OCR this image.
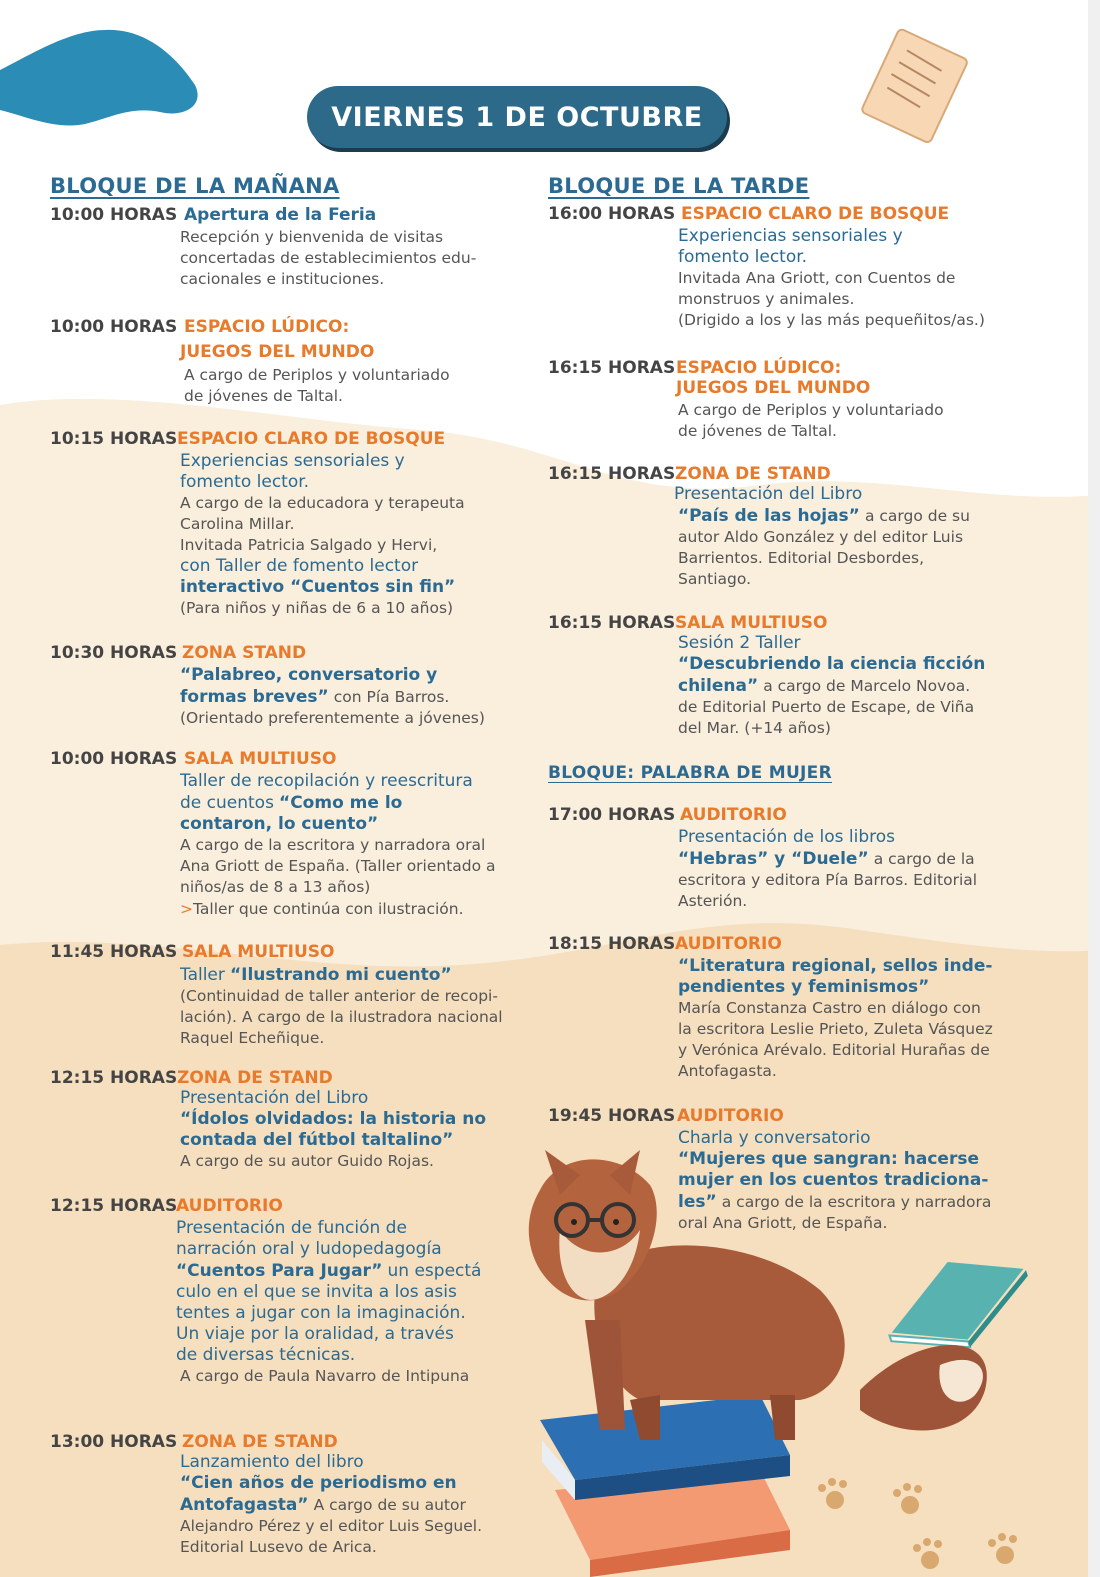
VIERNES 1 DE OCTUBRE
BLOQUE DE LA MAÑANA
10:00 HORAS Apertura de la Feria
Recepción y bienvenida de visitas
concertadas de establecimientos edu-
cacionales e instituciones.
10:00 HORAS ESPACIO LÚDICO:
JUEGOS DEL MUNDO
A cargo de Periplos y voluntariado
de jóvenes de Taltal.
10:15 HORAS ESPACIO CLARO DE BOSQUE
Experiencias sensoriales y
fomento lector.
A cargo de la educadora y terapeuta
Carolina Millar.
Invitada Patricia Salgado y Hervi,
con Taller de fomento lector
interactivo “Cuentos sin fin”
(Para niños y niñas de 6 a 10 años)
10:30 HORAS ZONA STAND
“Palabreo, conversatorio y
formas breves” con Pía Barros.
(Orientado preferentemente a jóvenes)
10:00 HORAS SALA MULTIUSO
Taller de recopilación y reescritura
de cuentos “Como me lo
contaron, lo cuento”
A cargo de la escritora y narradora oral
Ana Griott de España. (Taller orientado a
niños/as de 8 a 13 años)
>Taller que continúa con ilustración.
11:45 HORAS SALA MULTIUSO
Taller “Ilustrando mi cuento”
(Continuidad de taller anterior de recopi-
lación). A cargo de la ilustradora nacional
Raquel Echeñique.
12:15 HORAS ZONA DE STAND
Presentación del Libro
“Ídolos olvidados: la historia no
contada del fútbol taltalino”
A cargo de su autor Guido Rojas.
12:15 HORAS
AUDITORIO
Presentación de función de
narración oral y ludopedagogía
“Cuentos Para Jugar” un espectá
culo en el que se invita a los asis
tentes a jugar con la imaginación.
Un viaje por la oralidad, a través
de diversas técnicas.
A cargo de Paula Navarro de Intipuna
13:00 HORAS ZONA DE STAND
Lanzamiento del libro
“Cien años de periodismo en
Antofagasta” A cargo de su autor
Alejandro Pérez y el editor Luis Seguel.
Editorial Lusevo de Arica.
BLOQUE DE LA TARDE
16:00 HORAS ESPACIO CLARO DE BOSQUE
Experiencias sensoriales y
fomento lector.
Invitada Ana Griott, con Cuentos de
monstruos y animales.
(Drigido a los y las más pequeñitos/as.)
16:15 HORAS ESPACIO LÚDICO:
JUEGOS DEL MUNDO
A cargo de Periplos y voluntariado
de jóvenes de Taltal.
16:15 HORAS ZONA DE STAND
Presentación del Libro
“País de las hojas” a cargo de su
autor Aldo González y del editor Luis
Barrientos. Editorial Desbordes,
Santiago.
16:15 HORAS SALA MULTIUSO
Sesión 2 Taller
“Descubriendo la ciencia ficción
chilena” a cargo de Marcelo Novoa.
de Editorial Puerto de Escape, de Viña
del Mar. (+14 años)
BLOQUE: PALABRA DE MUJER
17:00 HORAS AUDITORIO
Presentación de los libros
“Hebras” y “Duele” a cargo de la
escritora y editora Pía Barros. Editorial
Asterión.
18:15 HORAS AUDITORIO
“Literatura regional, sellos inde-
pendientes y feminismos”
María Constanza Castro en diálogo con
la escritora Leslie Prieto, Zuleta Vásquez
y Verónica Arévalo. Editorial Hurañas de
Antofagasta.
19:45 HORAS AUDITORIO
Charla y conversatorio
“Mujeres que sangran: hacerse
mujer en los cuentos tradiciona-
les” a cargo de la escritora y narradora
oral Ana Griott, de España.
